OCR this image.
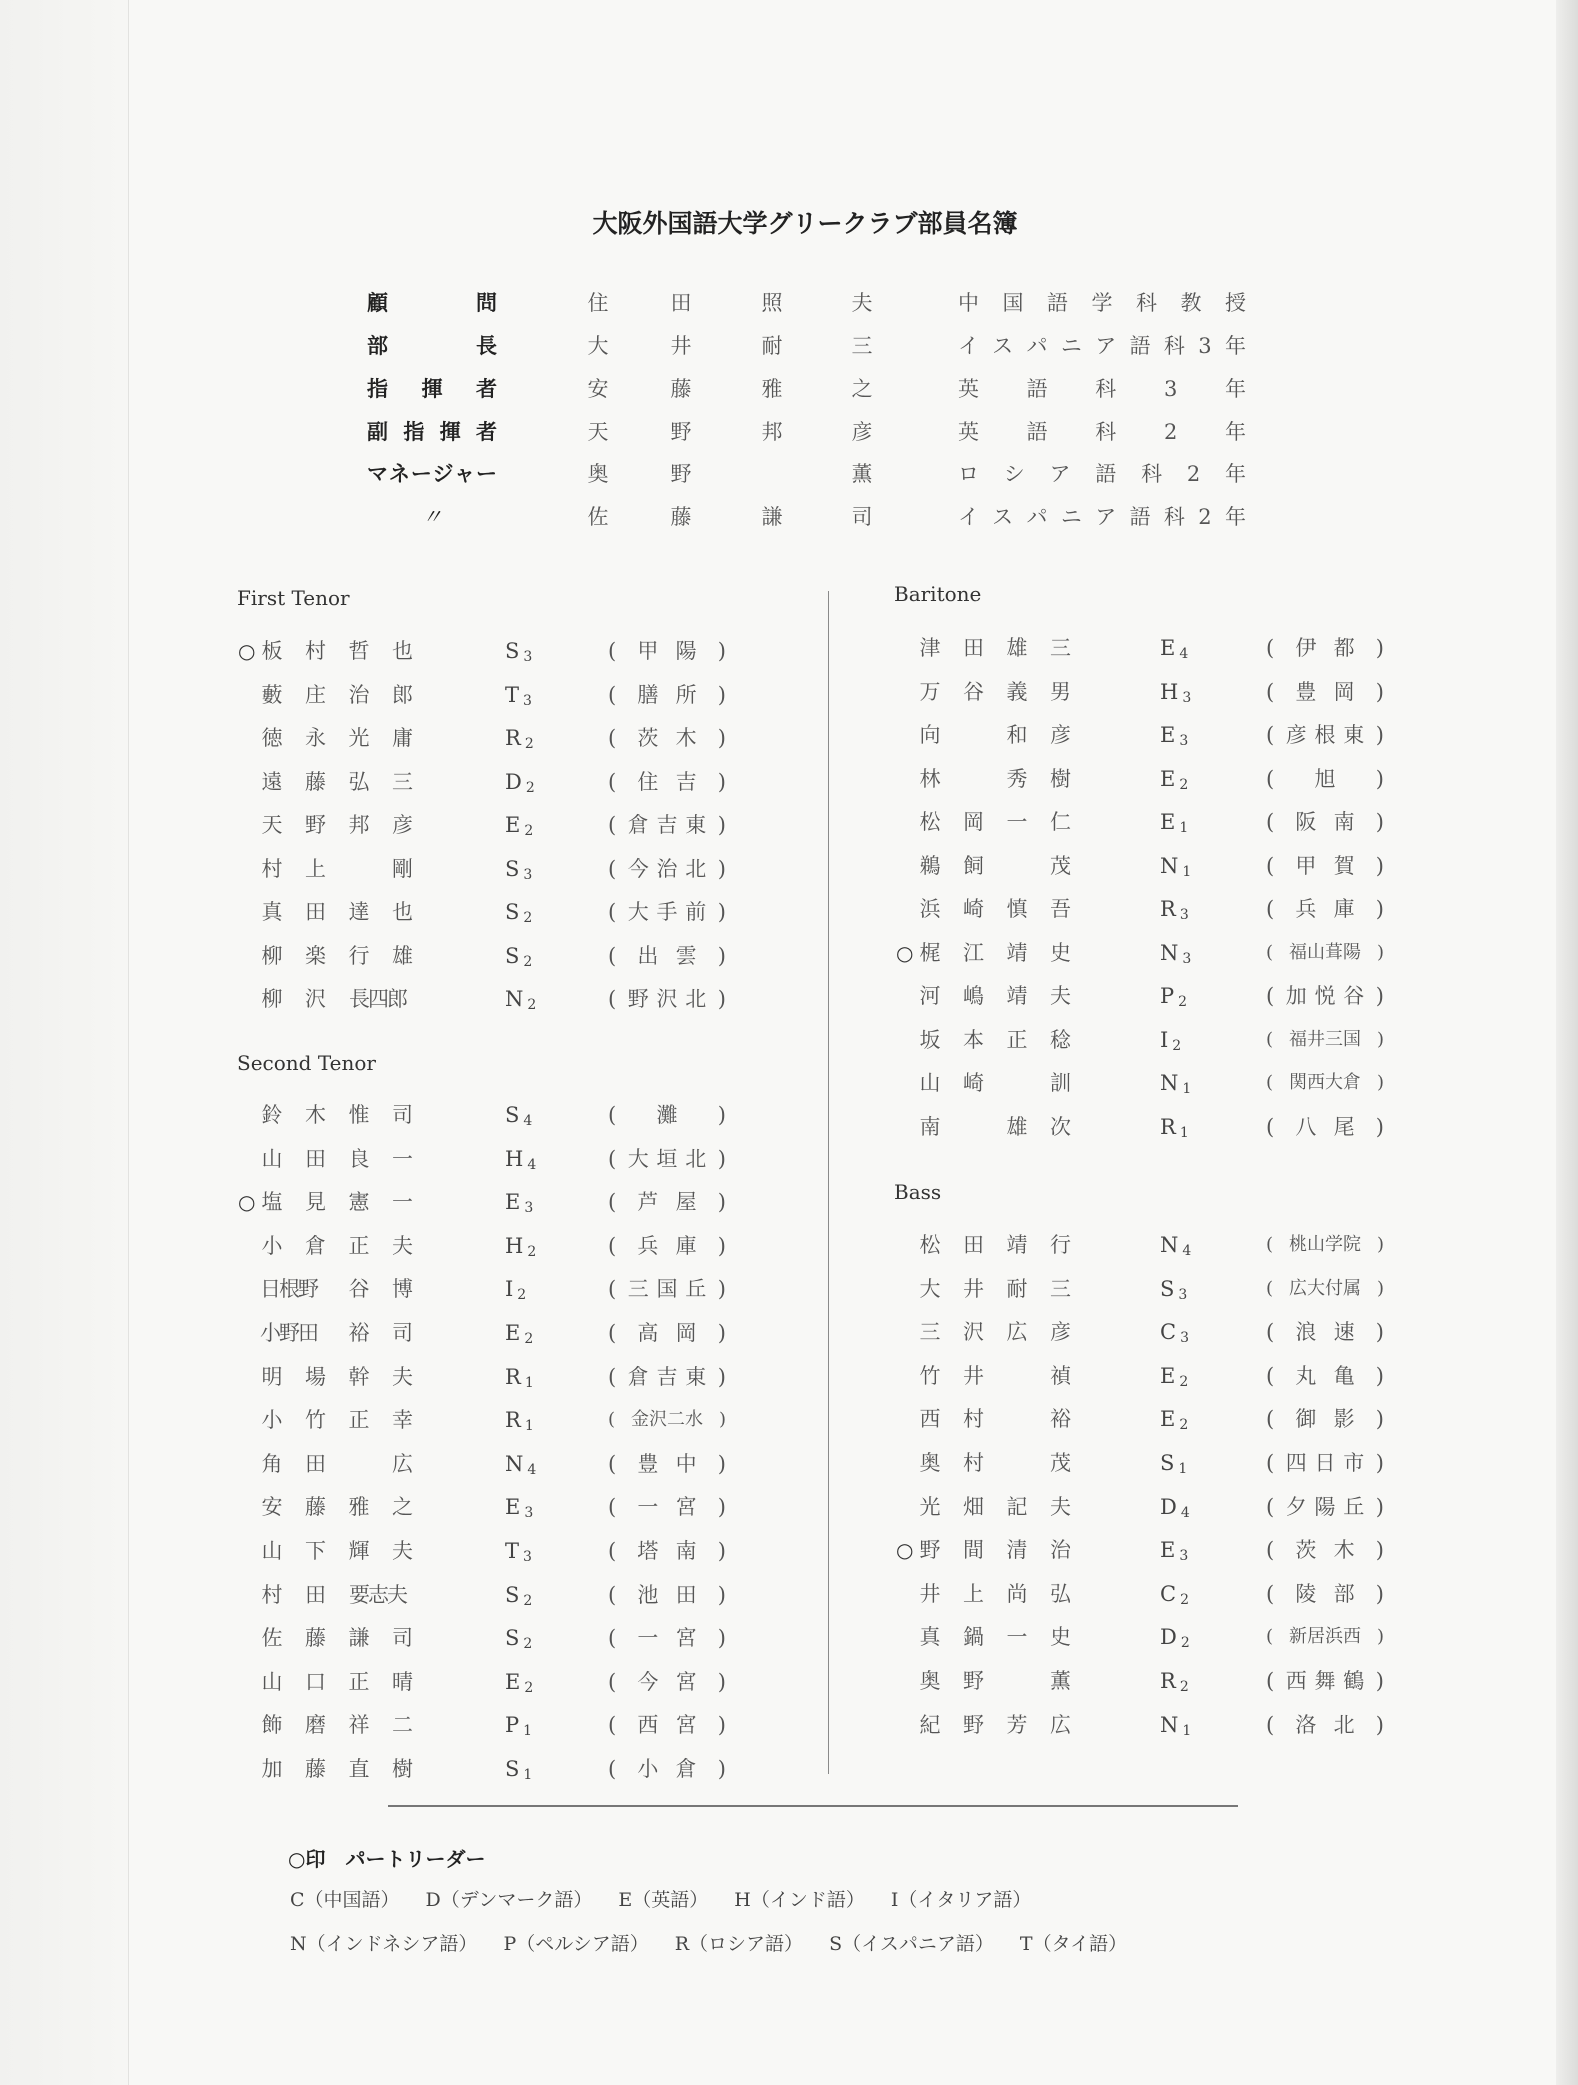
大阪外国語大学グリークラブ部員名簿
顧問	住	田	照	夫	中国語学科教授
部長	大	井	耐	三	イスパニア語科3年
指揮者	安	藤	雅	之	英語科3年
副指揮者	天	野	邦	彦	英語科2年
マネージャー	奥	野	薫	ロシア語科2年
〃	佐	藤	謙	司	イスパニア語科2年
First Tenor
○ 板 村 哲 也	S $_3$	( 甲 陽 )
藪 庄 治 郎	T $_3$	( 膳 所 )
徳 永 光 庸	R $_2$	( 茨 木 )
遠 藤 弘 三	D $_2$	( 住 吉 )
天 野 邦 彦	E $_2$	( 倉 吉 東 )
村 上	剛	S $_3$	( 今 治 北 )
真 田 達 也	S $_2$	( 大 手 前 )
柳 楽 行 雄	S $_2$	( 出 雲 )
柳 沢 長四郎	N $_2$	( 野 沢 北 )
Second Tenor
鈴 木 惟 司	S $_4$	( 灘 )
山 田 良 一	H $_4$	( 大 垣 北 )
○ 塩 見 憲 一	E $_3$	( 芦 屋 )
小 倉 正 夫	H $_2$	( 兵 庫 )
日根野	谷 博	I $_2$	( 三 国 丘 )
小野田	裕 司	E $_2$	( 高 岡 )
明 場 幹 夫	R $_1$	( 倉 吉 東 )
小 竹 正 幸	R $_1$	( 金沢二水 )
角 田	広	N $_4$	( 豊 中 )
安 藤 雅 之	E $_3$	( 一 宮 )
山 下 輝 夫	T $_3$	( 塔 南 )
村 田 要志夫	S $_2$	( 池 田 )
佐 藤 謙 司	S $_2$	( 一 宮 )
山 口 正 晴	E $_2$	( 今 宮 )
飾 磨 祥 二	P $_1$	( 西 宮 )
加 藤 直 樹	S $_1$	( 小 倉 )
Baritone
津 田 雄 三	E $_4$	( 伊 都 )
万 谷 義 男	H $_3$	( 豊 岡 )
向	和 彦	E $_3$	( 彦 根 東 )
林	秀 樹	E $_2$	( 旭 )
松 岡 一 仁	E $_1$	( 阪 南 )
鵜 飼	茂	N $_1$	( 甲 賀 )
浜 崎 慎 吾	R $_3$	( 兵 庫 )
○ 梶 江 靖 史	N $_3$	( 福山葺陽 )
河 嶋 靖 夫	P $_2$	( 加 悦 谷 )
坂 本 正 稔	I $_2$	( 福井三国 )
山 崎	訓	N $_1$	( 関西大倉 )
南	雄 次	R $_1$	( 八 尾 )
Bass
松 田 靖 行	N $_4$	( 桃山学院 )
大 井 耐 三	S $_3$	( 広大付属 )
三 沢 広 彦	C $_3$	( 浪 速 )
竹 井	禎	E $_2$	( 丸 亀 )
西 村	裕	E $_2$	( 御 影 )
奥 村	茂	S $_1$	( 四 日 市 )
光 畑 記 夫	D $_4$	( 夕 陽 丘 )
○ 野 間 清 治	E $_3$	( 茨 木 )
井 上 尚 弘	C $_2$	( 陵 部 )
真 鍋 一 史	D $_2$	( 新居浜西 )
奥 野	薫	R $_2$	( 西 舞 鶴 )
紀 野 芳 広	N $_1$	( 洛 北 )
○印　パートリーダー
C（中国語） D（デンマーク語） E（英語） H（インド語） I（イタリア語）
N（インドネシア語） P（ペルシア語） R（ロシア語） S（イスパニア語） T（タイ語）
